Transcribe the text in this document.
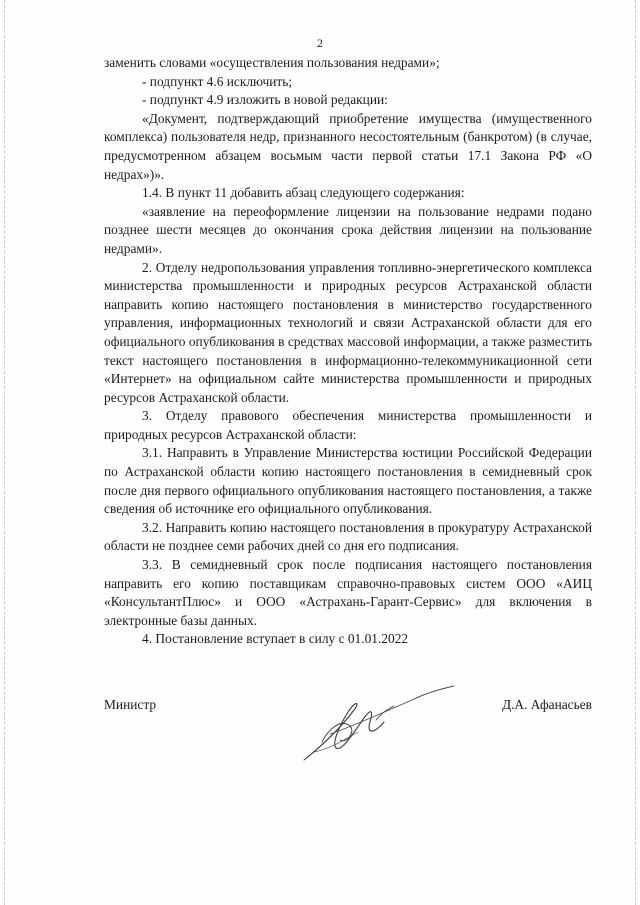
2

заменить словами «осуществления пользования недрами»;

- подпункт 4.6 исключить;

- подпункт 4.9 изложить в новой редакции:

«Документ, подтверждающий приобретение имущества (имущественного комплекса) пользователя недр, признанного несостоятельным (банкротом) (в случае, предусмотренном абзацем восьмым части первой статьи 17.1 Закона РФ «О недрах»)».

1.4. В пункт 11 добавить абзац следующего содержания:

«заявление на переоформление лицензии на пользование недрами подано позднее шести месяцев до окончания срока действия лицензии на пользование недрами».

2. Отделу недропользования управления топливно-энергетического комплекса министерства промышленности и природных ресурсов Астраханской области направить копию настоящего постановления в министерство государственного управления, информационных технологий и связи Астраханской области для его официального опубликования в средствах массовой информации, а также разместить текст настоящего постановления в информационно-телекоммуникационной сети «Интернет» на официальном сайте министерства промышленности и природных ресурсов Астраханской области.

3. Отделу правового обеспечения министерства промышленности и природных ресурсов Астраханской области:

3.1. Направить в Управление Министерства юстиции Российской Федерации по Астраханской области копию настоящего постановления в семидневный срок после дня первого официального опубликования настоящего постановления, а также сведения об источнике его официального опубликования.

3.2. Направить копию настоящего постановления в прокуратуру Астраханской области не позднее семи рабочих дней со дня его подписания.

3.3. В семидневный срок после подписания настоящего постановления направить его копию поставщикам справочно-правовых систем ООО «АИЦ «КонсультантПлюс» и ООО «Астрахань-Гарант-Сервис» для включения в электронные базы данных.

4. Постановление вступает в силу с 01.01.2022

Министр	Д.А. Афанасьев
